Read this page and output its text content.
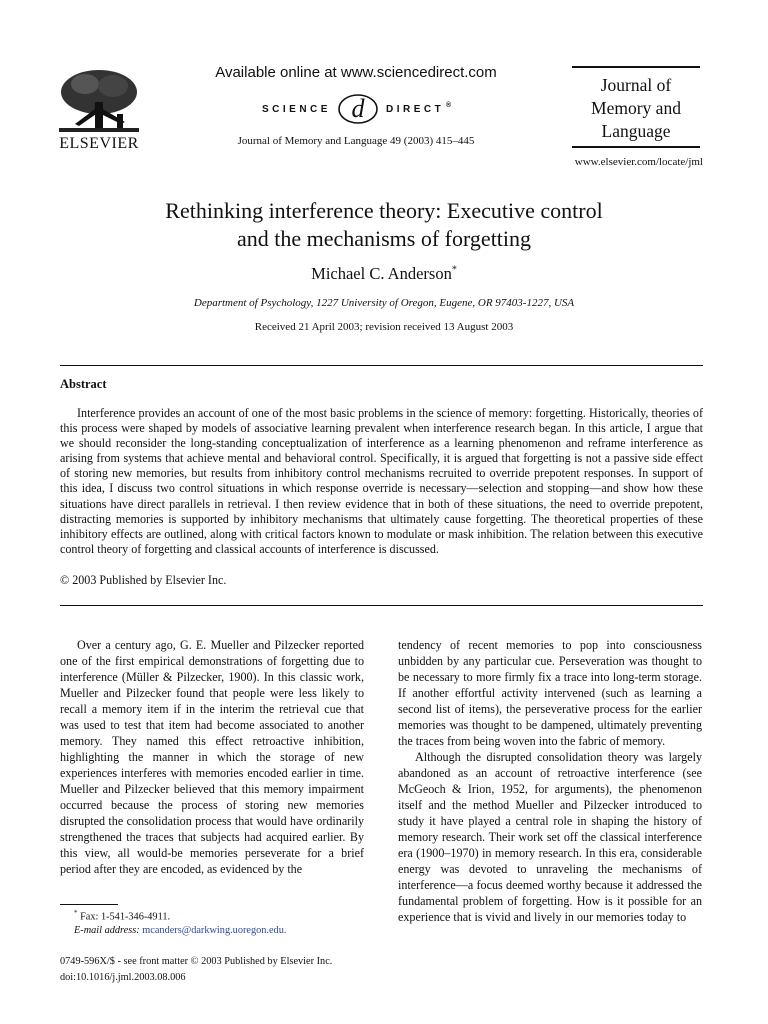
ELSEVIER
Available online at www.sciencedirect.com
SCIENCE d DIRECT ®
Journal of Memory and Language 49 (2003) 415–445
Journal of
Memory and
Language
www.elsevier.com/locate/jml
Rethinking interference theory: Executive control
and the mechanisms of forgetting
Michael C. Anderson*
Department of Psychology, 1227 University of Oregon, Eugene, OR 97403-1227, USA
Received 21 April 2003; revision received 13 August 2003
Abstract
Interference provides an account of one of the most basic problems in the science of memory: forgetting. Historically, theories of this process were shaped by models of associative learning prevalent when interference research began. In this article, I argue that we should reconsider the long-standing conceptualization of interference as a learning phenomenon and reframe interference as arising from systems that achieve mental and behavioral control. Specifically, it is argued that forgetting is not a passive side effect of storing new memories, but results from inhibitory control mechanisms recruited to override prepotent responses. In support of this idea, I discuss two control situations in which response override is necessary—selection and stopping—and show how these situations have direct parallels in retrieval. I then review evidence that in both of these situations, the need to override prepotent, distracting memories is supported by inhibitory mechanisms that ultimately cause forgetting. The theoretical properties of these inhibitory effects are outlined, along with critical factors known to modulate or mask inhibition. The relation between this executive control theory of forgetting and classical accounts of interference is discussed.
© 2003 Published by Elsevier Inc.
Over a century ago, G. E. Mueller and Pilzecker reported one of the first empirical demonstrations of forgetting due to interference (Müller & Pilzecker, 1900). In this classic work, Mueller and Pilzecker found that people were less likely to recall a memory item if in the interim the retrieval cue that was used to test that item had become associated to another memory. They named this effect retroactive inhibition, highlighting the manner in which the storage of new experiences interferes with memories encoded earlier in time. Mueller and Pilzecker believed that this memory impairment occurred because the process of storing new memories disrupted the consolidation process that would have ordinarily strengthened the traces that subjects had acquired earlier. By this view, all would-be memories perseverate for a brief period after they are encoded, as evidenced by the

tendency of recent memories to pop into consciousness unbidden by any particular cue. Perseveration was thought to be necessary to more firmly fix a trace into long-term storage. If another effortful activity intervened (such as learning a second list of items), the perseverative process for the earlier memories was thought to be dampened, ultimately preventing the traces from being woven into the fabric of memory.

Although the disrupted consolidation theory was largely abandoned as an account of retroactive interference (see McGeoch & Irion, 1952, for arguments), the phenomenon itself and the method Mueller and Pilzecker introduced to study it have played a central role in shaping the history of memory research. Their work set off the classical interference era (1900–1970) in memory research. In this era, considerable energy was devoted to unraveling the mechanisms of interference—a focus deemed worthy because it addressed the fundamental problem of forgetting. How is it possible for an experience that is vivid and lively in our memories today to

* Fax: 1-541-346-4911.
E-mail address: mcanders@darkwing.uoregon.edu.
0749-596X/$ - see front matter © 2003 Published by Elsevier Inc.
doi:10.1016/j.jml.2003.08.006
